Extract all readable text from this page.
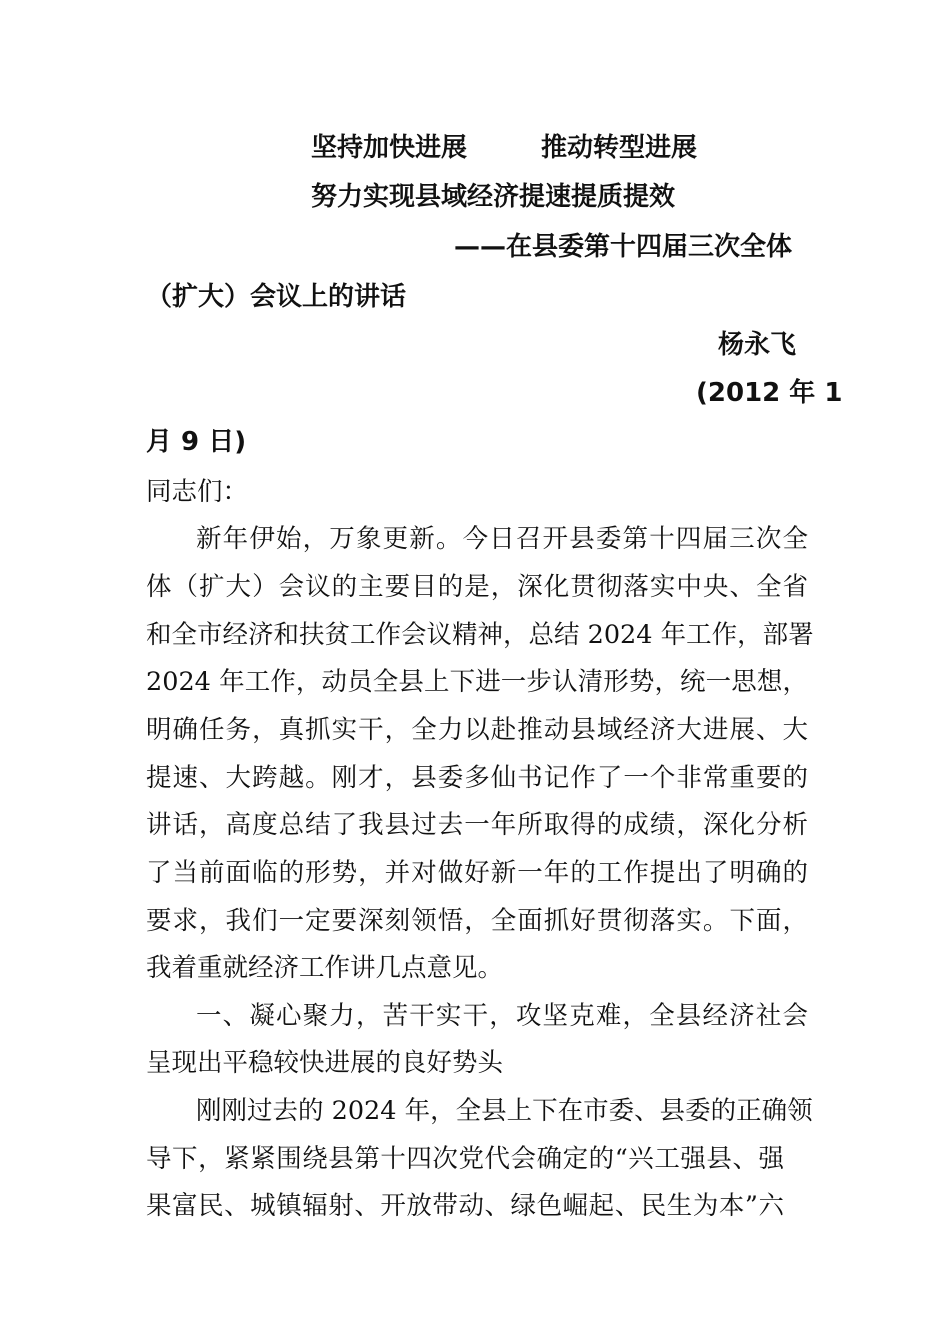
坚持加快进展	推动转型进展
努力实现县域经济提速提质提效
——在县委第十四届三次全体
（扩大）会议上的讲话
杨永飞
(2012 年 1
月 9 日)
同志们：
新年伊始，万象更新。今日召开县委第十四届三次全
体（扩大）会议的主要目的是，深化贯彻落实中央、全省
和全市经济和扶贫工作会议精神，总结 2024 年工作，部署
2024 年工作，动员全县上下进一步认清形势，统一思想，
明确任务，真抓实干，全力以赴推动县域经济大进展、大
提速、大跨越。刚才，县委多仙书记作了一个非常重要的
讲话，高度总结了我县过去一年所取得的成绩，深化分析
了当前面临的形势，并对做好新一年的工作提出了明确的
要求，我们一定要深刻领悟，全面抓好贯彻落实。下面，
我着重就经济工作讲几点意见。
一、凝心聚力，苦干实干，攻坚克难，全县经济社会
呈现出平稳较快进展的良好势头
刚刚过去的 2024 年，全县上下在市委、县委的正确领
导下，紧紧围绕县第十四次党代会确定的“兴工强县、强
果富民、城镇辐射、开放带动、绿色崛起、民生为本”六
